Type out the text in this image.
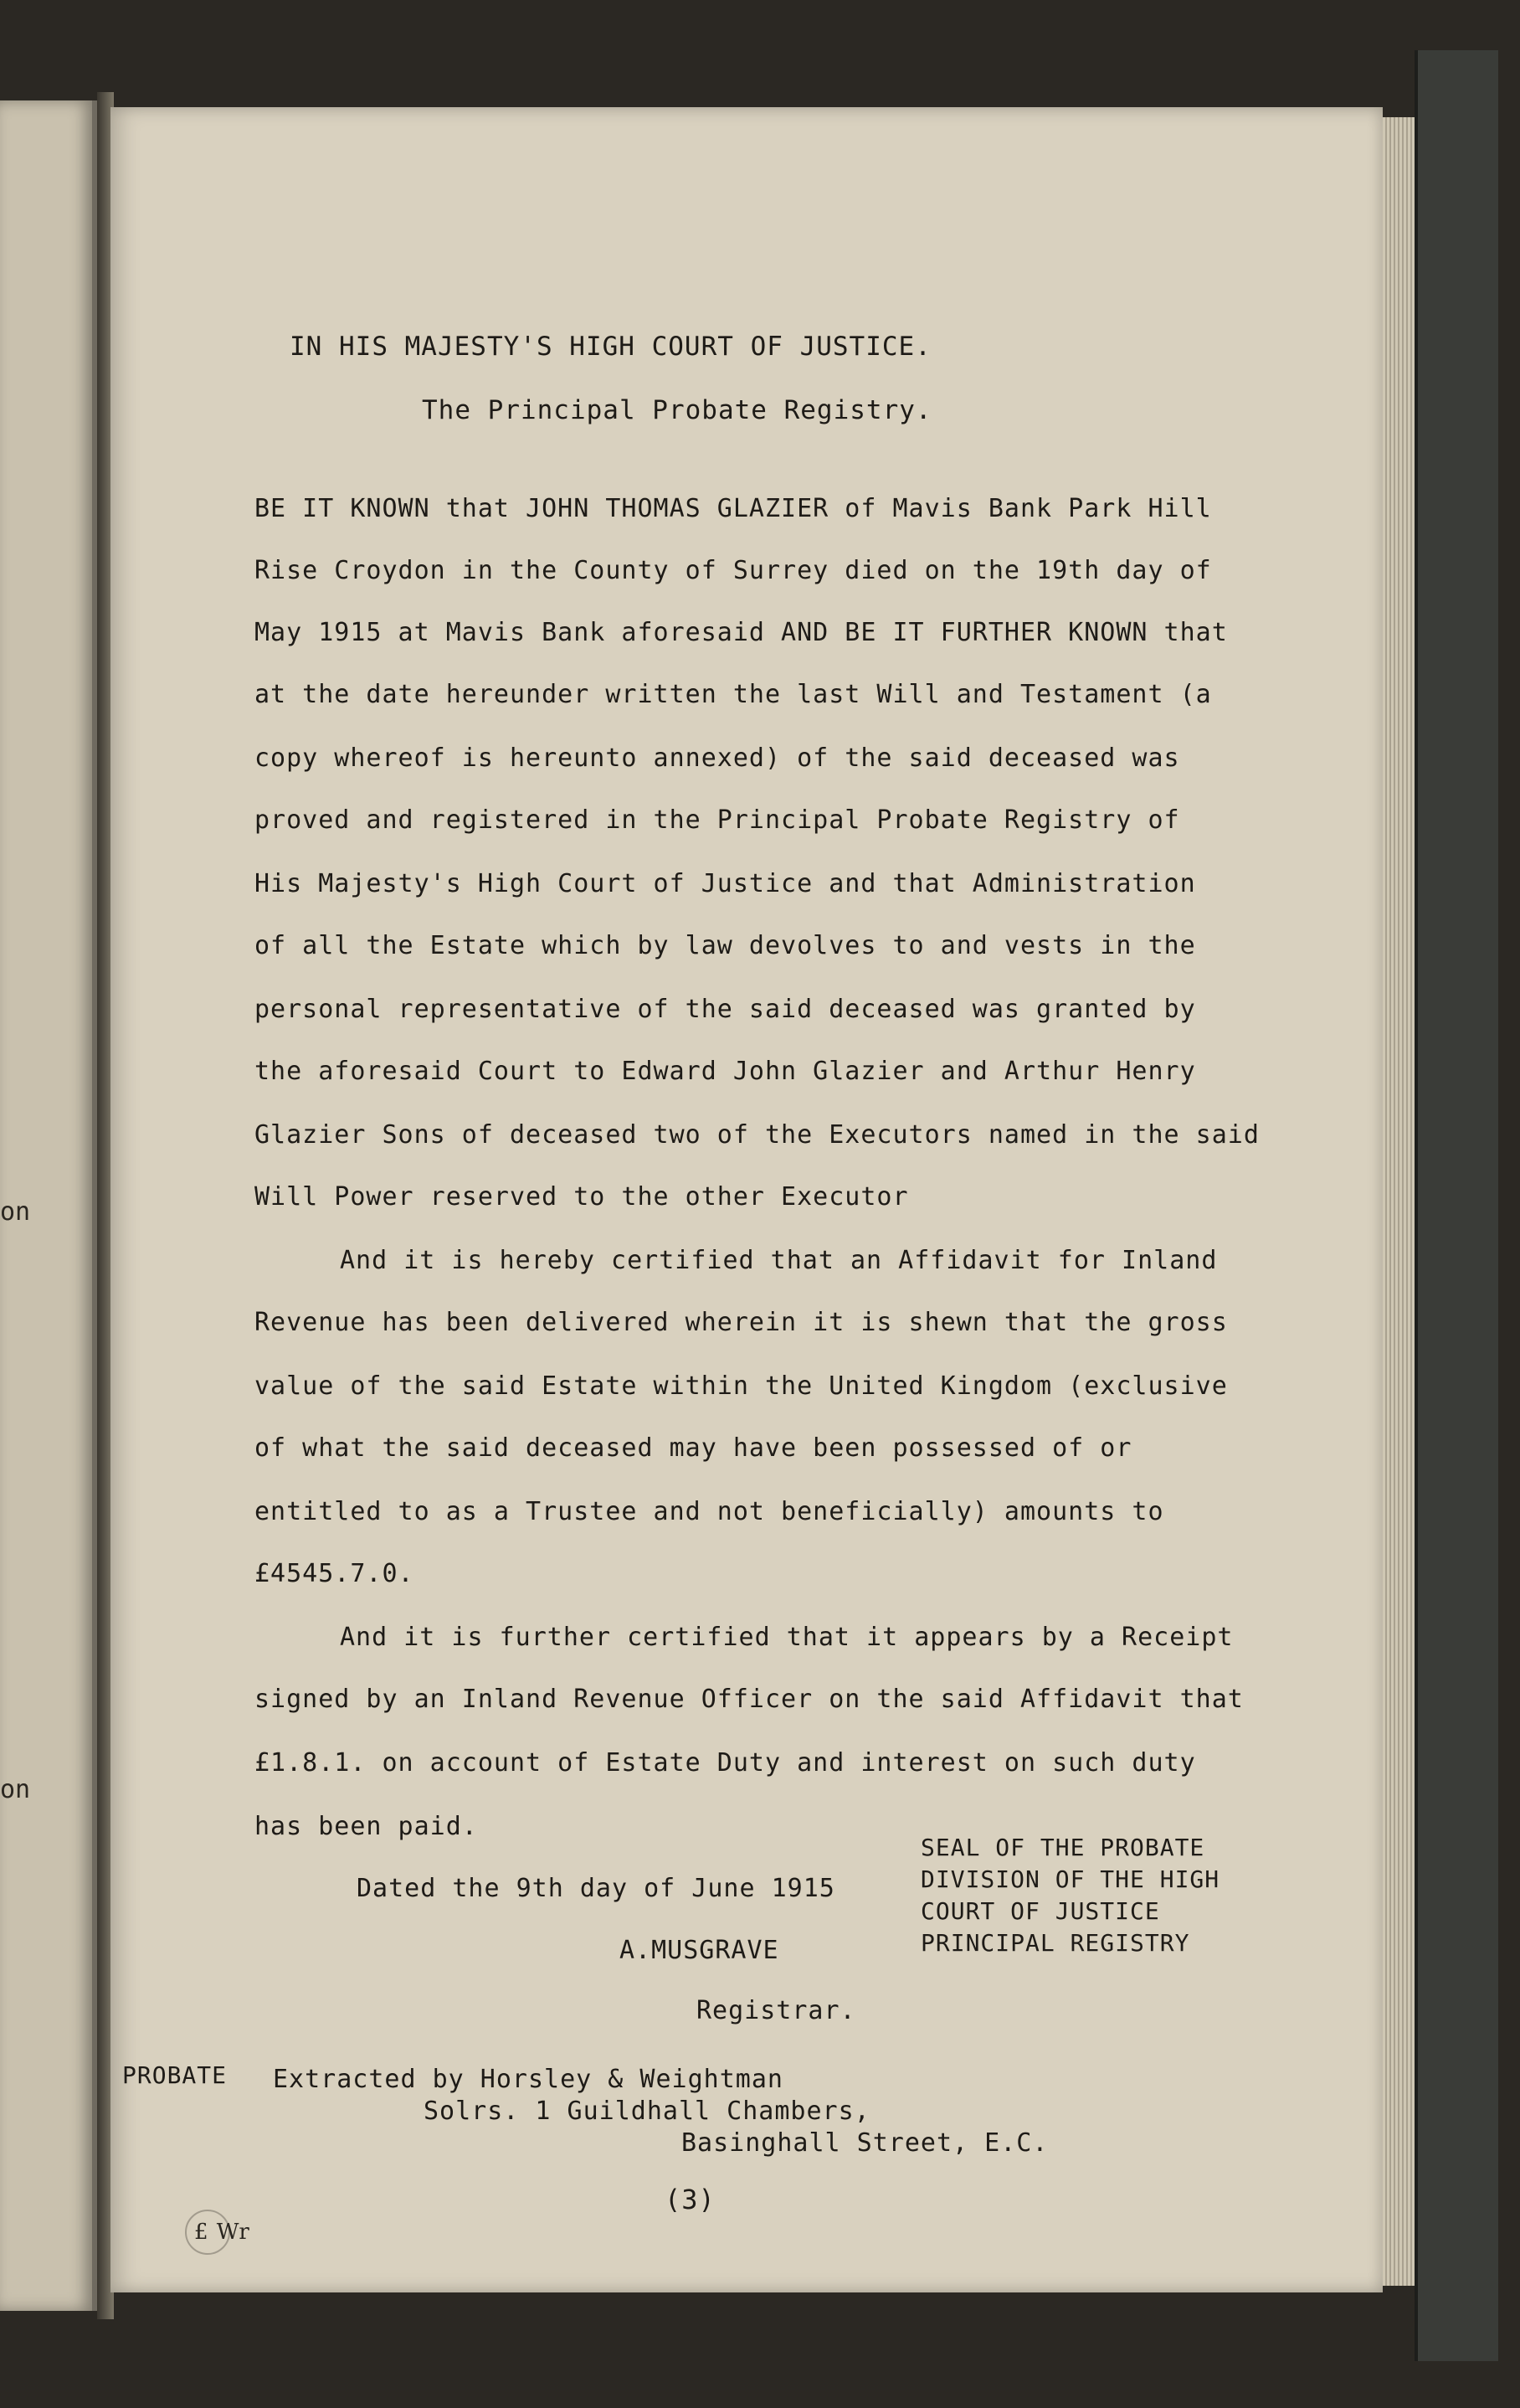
on
on
IN HIS MAJESTY'S HIGH COURT OF JUSTICE.
The Principal Probate Registry.
BE IT KNOWN that JOHN THOMAS GLAZIER of Mavis Bank Park Hill
Rise Croydon in the County of Surrey died on the 19th day of
May 1915 at Mavis Bank aforesaid AND BE IT FURTHER KNOWN that
at the date hereunder written the last Will and Testament (a
copy whereof is hereunto annexed) of the said deceased was
proved and registered in the Principal Probate Registry of
His Majesty's High Court of Justice and that Administration
of all the Estate which by law devolves to and vests in the
personal representative of the said deceased was granted by
the aforesaid Court to Edward John Glazier and Arthur Henry
Glazier Sons of deceased two of the Executors named in the said
Will Power reserved to the other Executor
And it is hereby certified that an Affidavit for Inland
Revenue has been delivered wherein it is shewn that the gross
value of the said Estate within the United Kingdom (exclusive
of what the said deceased may have been possessed of or
entitled to as a Trustee and not beneficially) amounts to
£4545.7.0.
And it is further certified that it appears by a Receipt
signed by an Inland Revenue Officer on the said Affidavit that
£1.8.1. on account of Estate Duty and interest on such duty
has been paid.
Dated the 9th day of June 1915
A.MUSGRAVE
Registrar.
SEAL OF THE PROBATE
DIVISION OF THE HIGH
COURT OF JUSTICE
PRINCIPAL REGISTRY
PROBATE Extracted by Horsley & Weightman
Solrs. 1 Guildhall Chambers,
Basinghall Street, E.C.
(3)
£ Wr
